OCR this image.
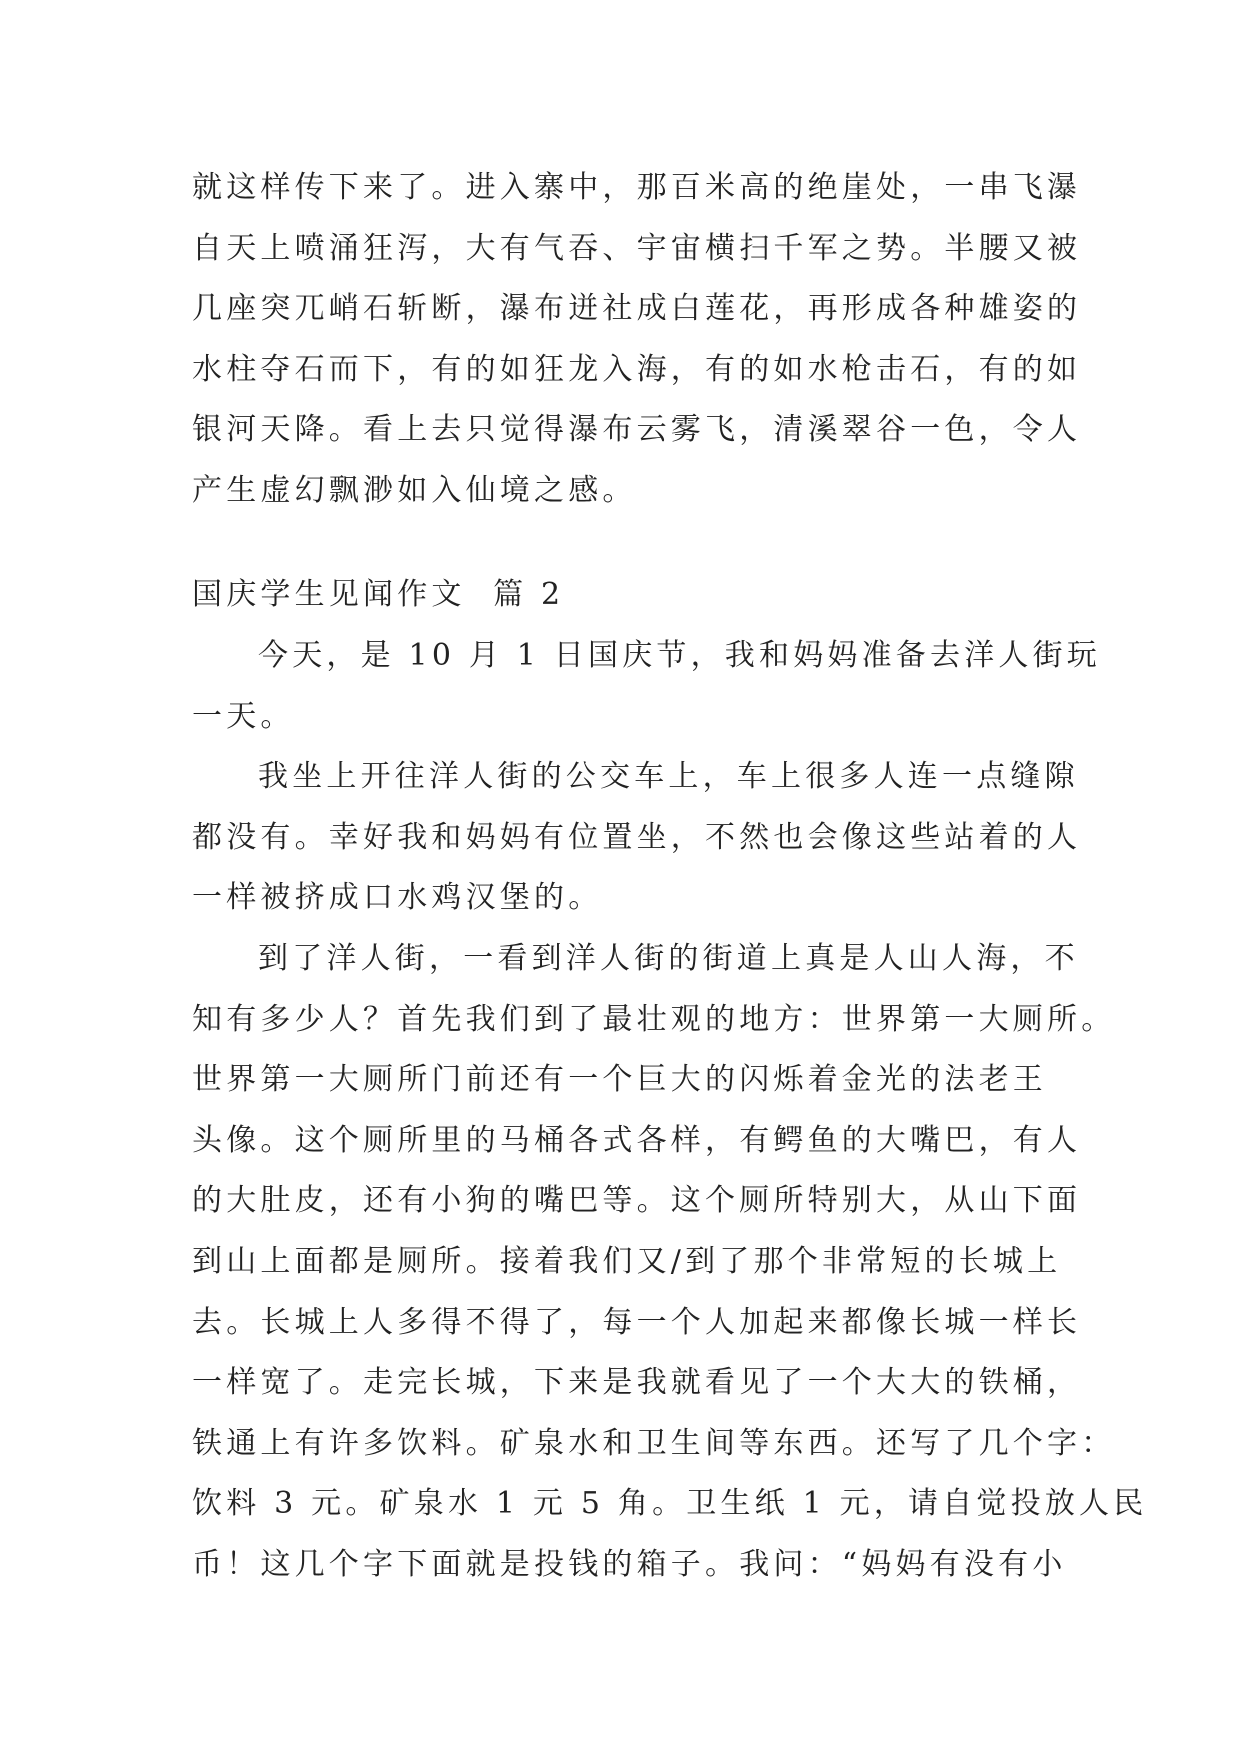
就这样传下来了。进入寨中，那百米高的绝崖处，一串飞瀑
自天上喷涌狂泻，大有气吞、宇宙横扫千军之势。半腰又被
几座突兀峭石斩断，瀑布迸社成白莲花，再形成各种雄姿的
水柱夺石而下，有的如狂龙入海，有的如水枪击石，有的如
银河天降。看上去只觉得瀑布云雾飞，清溪翠谷一色，令人
产生虚幻飘渺如入仙境之感。
国庆学生见闻作文  篇 2
今天，是 10 月 1 日国庆节，我和妈妈准备去洋人街玩
一天。
我坐上开往洋人街的公交车上，车上很多人连一点缝隙
都没有。幸好我和妈妈有位置坐，不然也会像这些站着的人
一样被挤成口水鸡汉堡的。
到了洋人街，一看到洋人街的街道上真是人山人海，不
知有多少人？首先我们到了最壮观的地方：世界第一大厕所。
世界第一大厕所门前还有一个巨大的闪烁着金光的法老王
头像。这个厕所里的马桶各式各样，有鳄鱼的大嘴巴，有人
的大肚皮，还有小狗的嘴巴等。这个厕所特别大，从山下面
到山上面都是厕所。接着我们又/到了那个非常短的长城上
去。长城上人多得不得了，每一个人加起来都像长城一样长
一样宽了。走完长城，下来是我就看见了一个大大的铁桶，
铁通上有许多饮料。矿泉水和卫生间等东西。还写了几个字：
饮料 3 元。矿泉水 1 元 5 角。卫生纸 1 元，请自觉投放人民
币！这几个字下面就是投钱的箱子。我问：“妈妈有没有小
